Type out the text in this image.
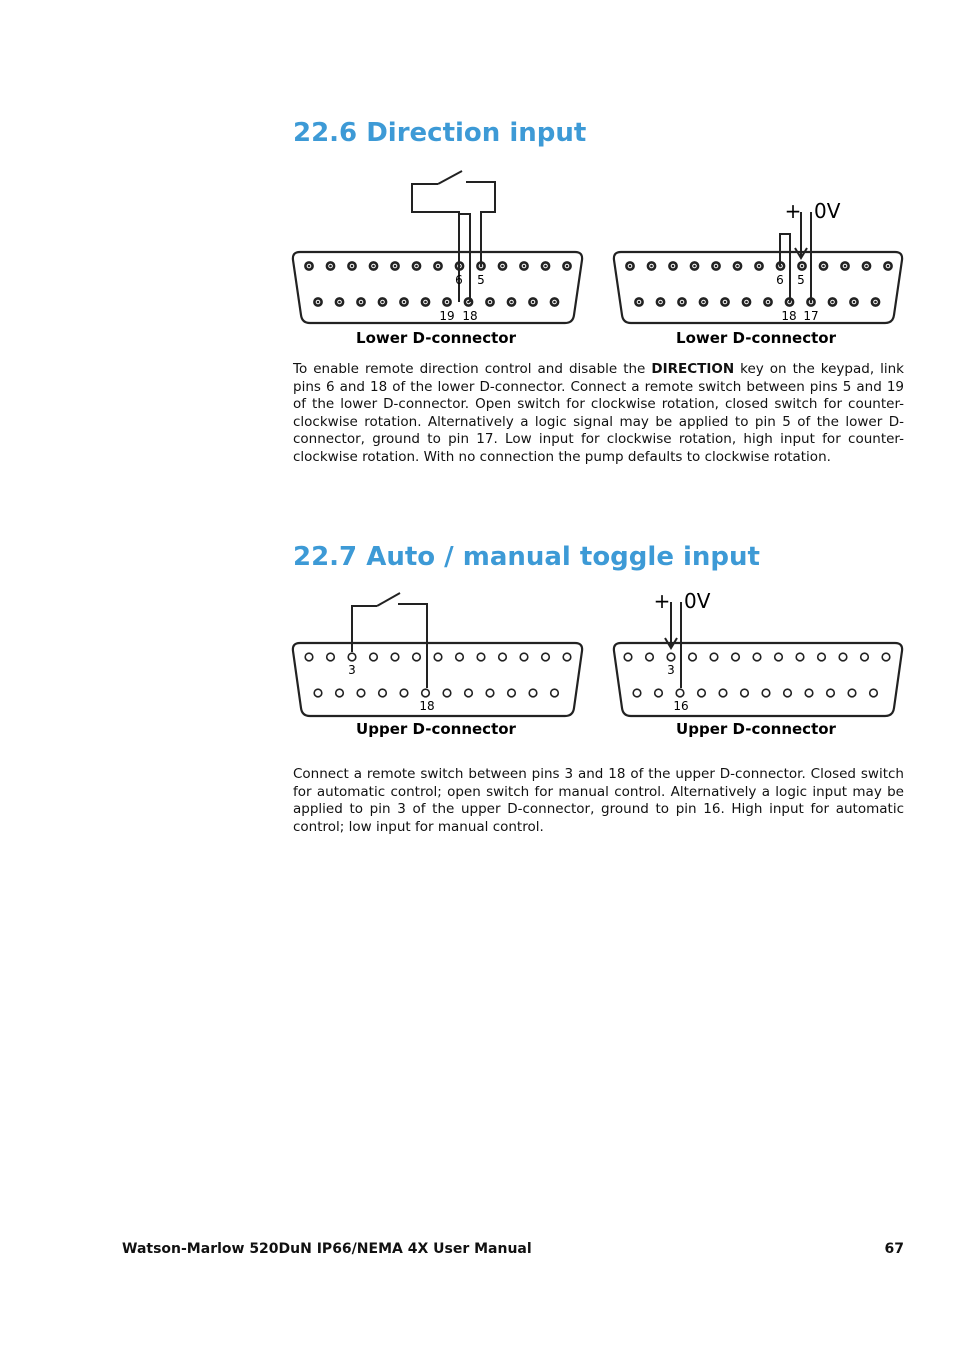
22.6 Direction input
6 5
19 18
Lower D-connector
+ 0V
6 5
18 17
Lower D-connector

To enable remote direction control and disable the DIRECTION key on the keypad, link pins 6 and 18 of the lower D-connector. Connect a remote switch between pins 5 and 19 of the lower D-connector. Open switch for clockwise rotation, closed switch for counter-clockwise rotation. Alternatively a logic signal may be applied to pin 5 of the lower D-connector, ground to pin 17. Low input for clockwise rotation, high input for counter-clockwise rotation. With no connection the pump defaults to clockwise rotation.

22.7 Auto / manual toggle input
3
18
Upper D-connector
+ 0V
3
16
Upper D-connector

Connect a remote switch between pins 3 and 18 of the upper D-connector. Closed switch for automatic control; open switch for manual control. Alternatively a logic input may be applied to pin 3 of the upper D-connector, ground to pin 16. High input for automatic control; low input for manual control.

Watson-Marlow 520DuN IP66/NEMA 4X User Manual	67
